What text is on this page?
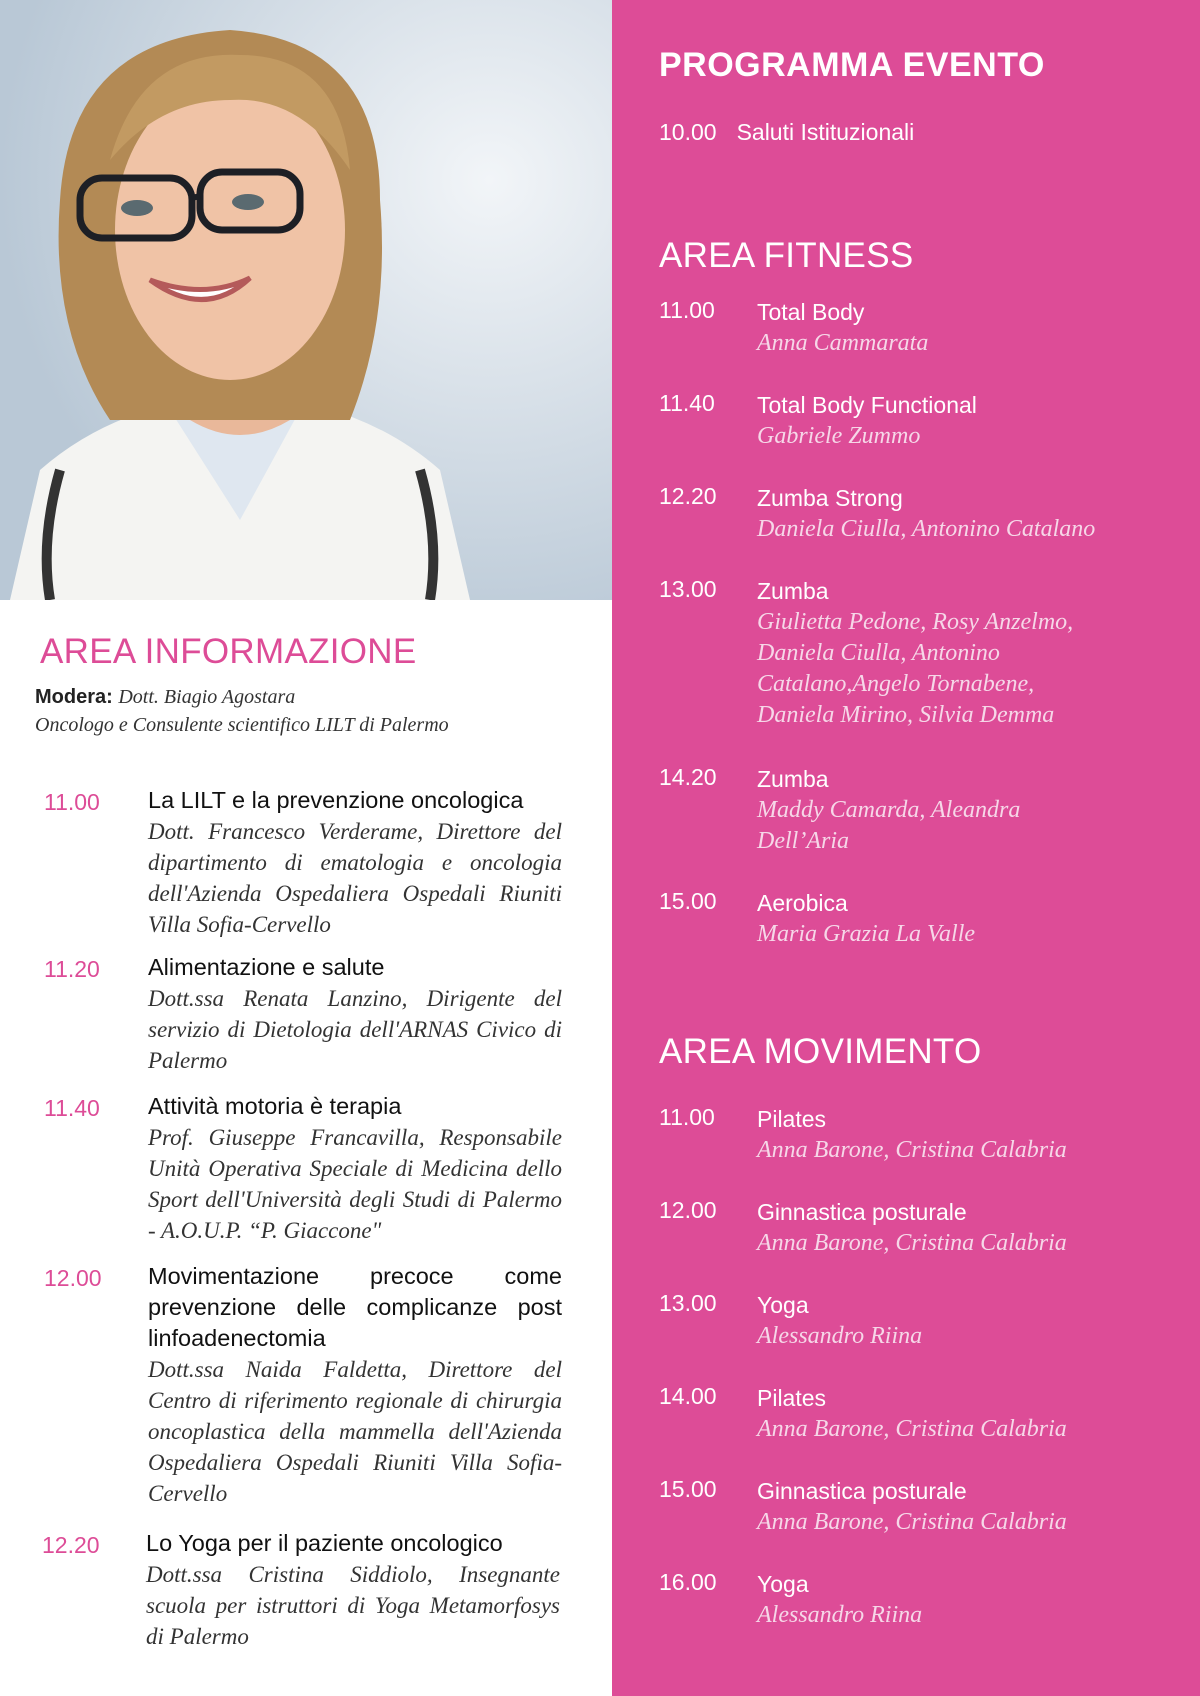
PROGRAMMA EVENTO
10.00 Saluti Istituzionali
AREA FITNESS
11.00 Total Body
Anna Cammarata
11.40 Total Body Functional
Gabriele Zummo
12.20 Zumba Strong
Daniela Ciulla, Antonino Catalano
13.00 Zumba
Giulietta Pedone, Rosy Anzelmo, Daniela Ciulla, Antonino Catalano,Angelo Tornabene, Daniela Mirino, Silvia Demma
14.20 Zumba
Maddy Camarda, Aleandra Dell’Aria
15.00 Aerobica
Maria Grazia La Valle
AREA MOVIMENTO
11.00 Pilates
Anna Barone, Cristina Calabria
12.00 Ginnastica posturale
Anna Barone, Cristina Calabria
13.00 Yoga
Alessandro Riina
14.00 Pilates
Anna Barone, Cristina Calabria
15.00 Ginnastica posturale
Anna Barone, Cristina Calabria
16.00 Yoga
Alessandro Riina
AREA INFORMAZIONE
Modera: Dott. Biagio Agostara
Oncologo e Consulente scientifico LILT di Palermo
11.00 La LILT e la prevenzione oncologica
Dott. Francesco Verderame, Direttore del dipartimento di ematologia e oncologia dell'Azienda Ospedaliera Ospedali Riuniti Villa Sofia-Cervello
11.20 Alimentazione e salute
Dott.ssa Renata Lanzino, Dirigente del servizio di Dietologia dell'ARNAS Civico di Palermo
11.40 Attività motoria è terapia
Prof. Giuseppe Francavilla, Responsabile Unità Operativa Speciale di Medicina dello Sport dell'Università degli Studi di Palermo - A.O.U.P. “P. Giaccone"
12.00 Movimentazione precoce come prevenzione delle complicanze post linfoadenectomia
Dott.ssa Naida Faldetta, Direttore del Centro di riferimento regionale di chirurgia oncoplastica della mammella dell'Azienda Ospedaliera Ospedali Riuniti Villa Sofia-Cervello
12.20 Lo Yoga per il paziente oncologico
Dott.ssa Cristina Siddiolo, Insegnante scuola per istruttori di Yoga Metamorfosys di Palermo
